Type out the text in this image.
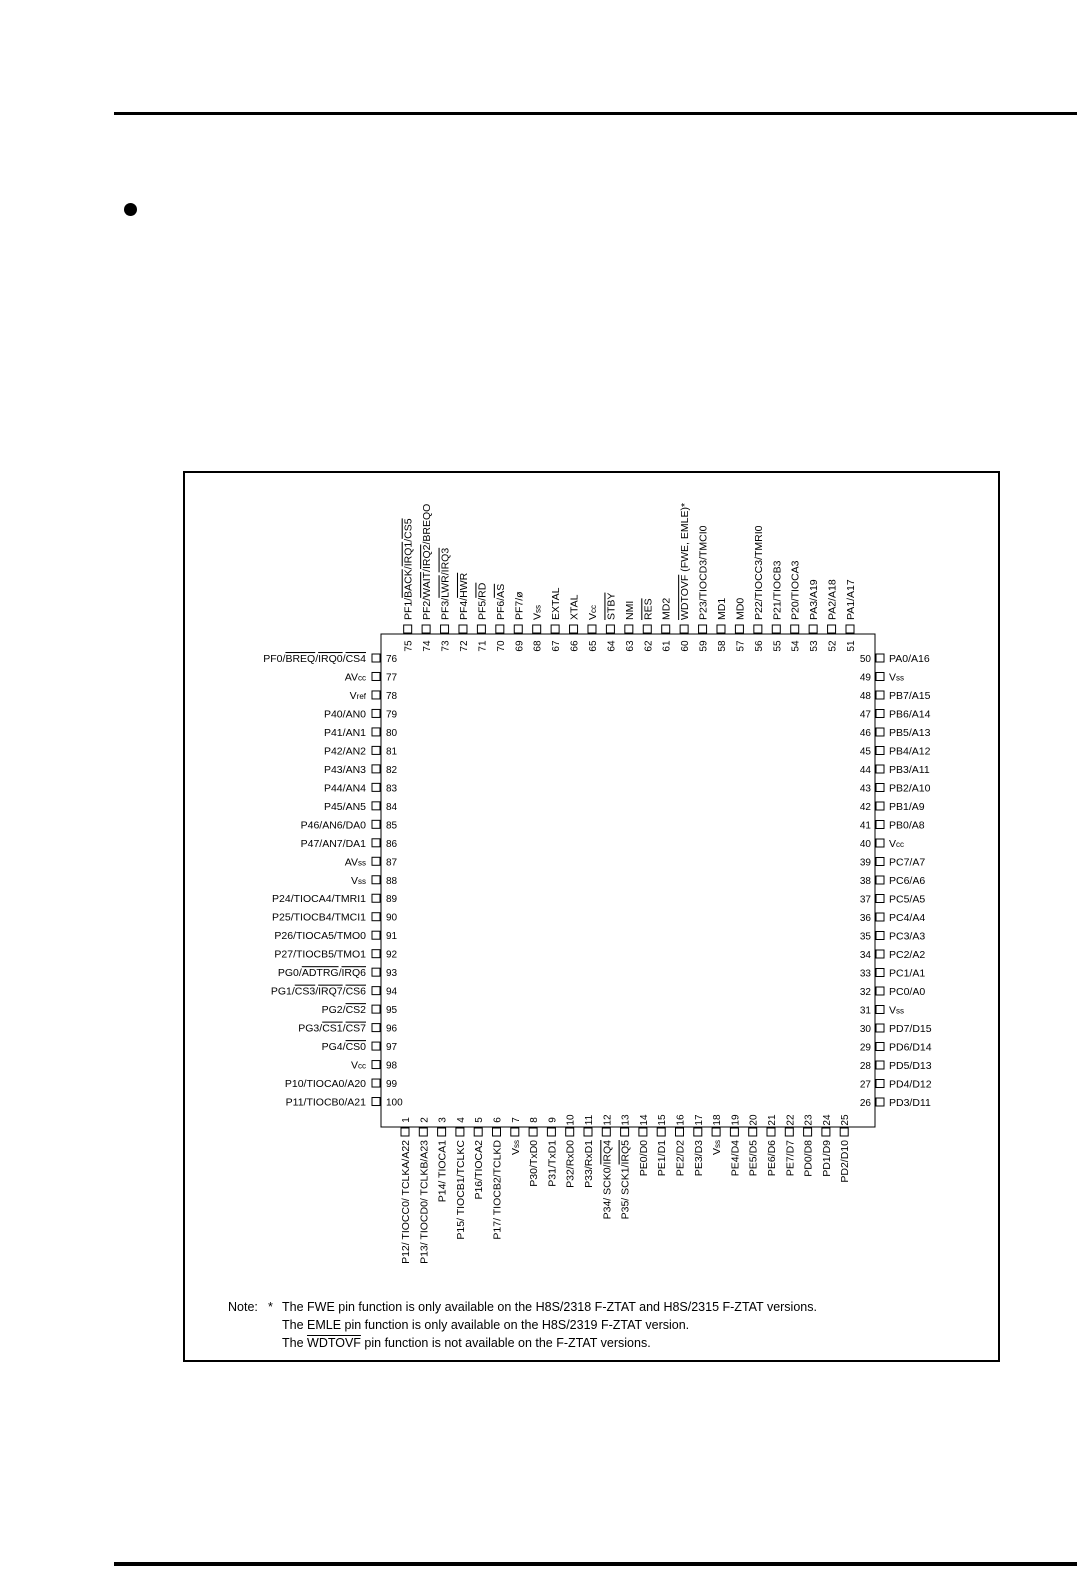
1
P12/ TIOCC0/ TCLKA/A22
2
P13/ TIOCD0/ TCLKB/A23
3
P14/ TIOCA1
4
P15/ TIOCB1/TCLKC
5
P16/TIOCA2
6
P17/ TIOCB2/TCLKD
7
Vss
8
P30/TxD0
9
P31/TxD1
10
P32/RxD0
11
P33/RxD1
12
P34/ SCK0/IRQ4
13
P35/ SCK1/IRQ5
14
PE0/D0
15
PE1/D1
16
PE2/D2
17
PE3/D3
18
Vss
19
PE4/D4
20
PE5/D5
21
PE6/D6
22
PE7/D7
23
PD0/D8
24
PD1/D9
25
PD2/D10
26 PD3/D11
27 PD4/D12
28 PD5/D13
29 PD6/D14
30 PD7/D15
31 Vss
32 PC0/A0
33 PC1/A1
34 PC2/A2
35 PC3/A3
36 PC4/A4
37 PC5/A5
38 PC6/A6
39 PC7/A7
40 Vcc
41 PB0/A8
42 PB1/A9
43 PB2/A10
44 PB3/A11
45 PB4/A12
46 PB5/A13
47 PB6/A14
48 PB7/A15
49 Vss
50 PA0/A16
51
PA1/A17
52
PA2/A18
53
PA3/A19
54
P20/TIOCA3
55
P21/TIOCB3
56
P22/TIOCC3/TMRI0
57
MD0
58
MD1
59
P23/TIOCD3/TMCI0
60
WDTOVF (FWE, EMLE)*
61
MD2
62
RES
63
NMI
64
STBY
65
Vcc
66
XTAL
67
EXTAL
68
Vss
69
PF7/ø
70
PF6/AS
71
PF5/RD
72
PF4/HWR
73
PF3/LWR/IRQ3
74
PF2/WAIT/IRQ2/BREQO
75
PF1/BACK/IRQ1/CS5
76
PF0/BREQ/IRQ0/CS4
77
AVcc
78
Vref
79
P40/AN0
80
P41/AN1
81
P42/AN2
82
P43/AN3
83
P44/AN4
84
P45/AN5
85
P46/AN6/DA0
86
P47/AN7/DA1
87
AVss
88
Vss
89
P24/TIOCA4/TMRI1
90
P25/TIOCB4/TMCI1
91
P26/TIOCA5/TMO0
92
P27/TIOCB5/TMO1
93
PG0/ADTRG/IRQ6
94
PG1/CS3/IRQ7/CS6
95
PG2/CS2
96
PG3/CS1/CS7
97
PG4/CS0
98
Vcc
99
P10/TIOCA0/A20
100
P11/TIOCB0/A21
Note: * The FWE pin function is only available on the H8S/2318 F-ZTAT and H8S/2315 F-ZTAT versions.
The EMLE pin function is only available on the H8S/2319 F-ZTAT version.
The WDTOVF pin function is not available on the F-ZTAT versions.
